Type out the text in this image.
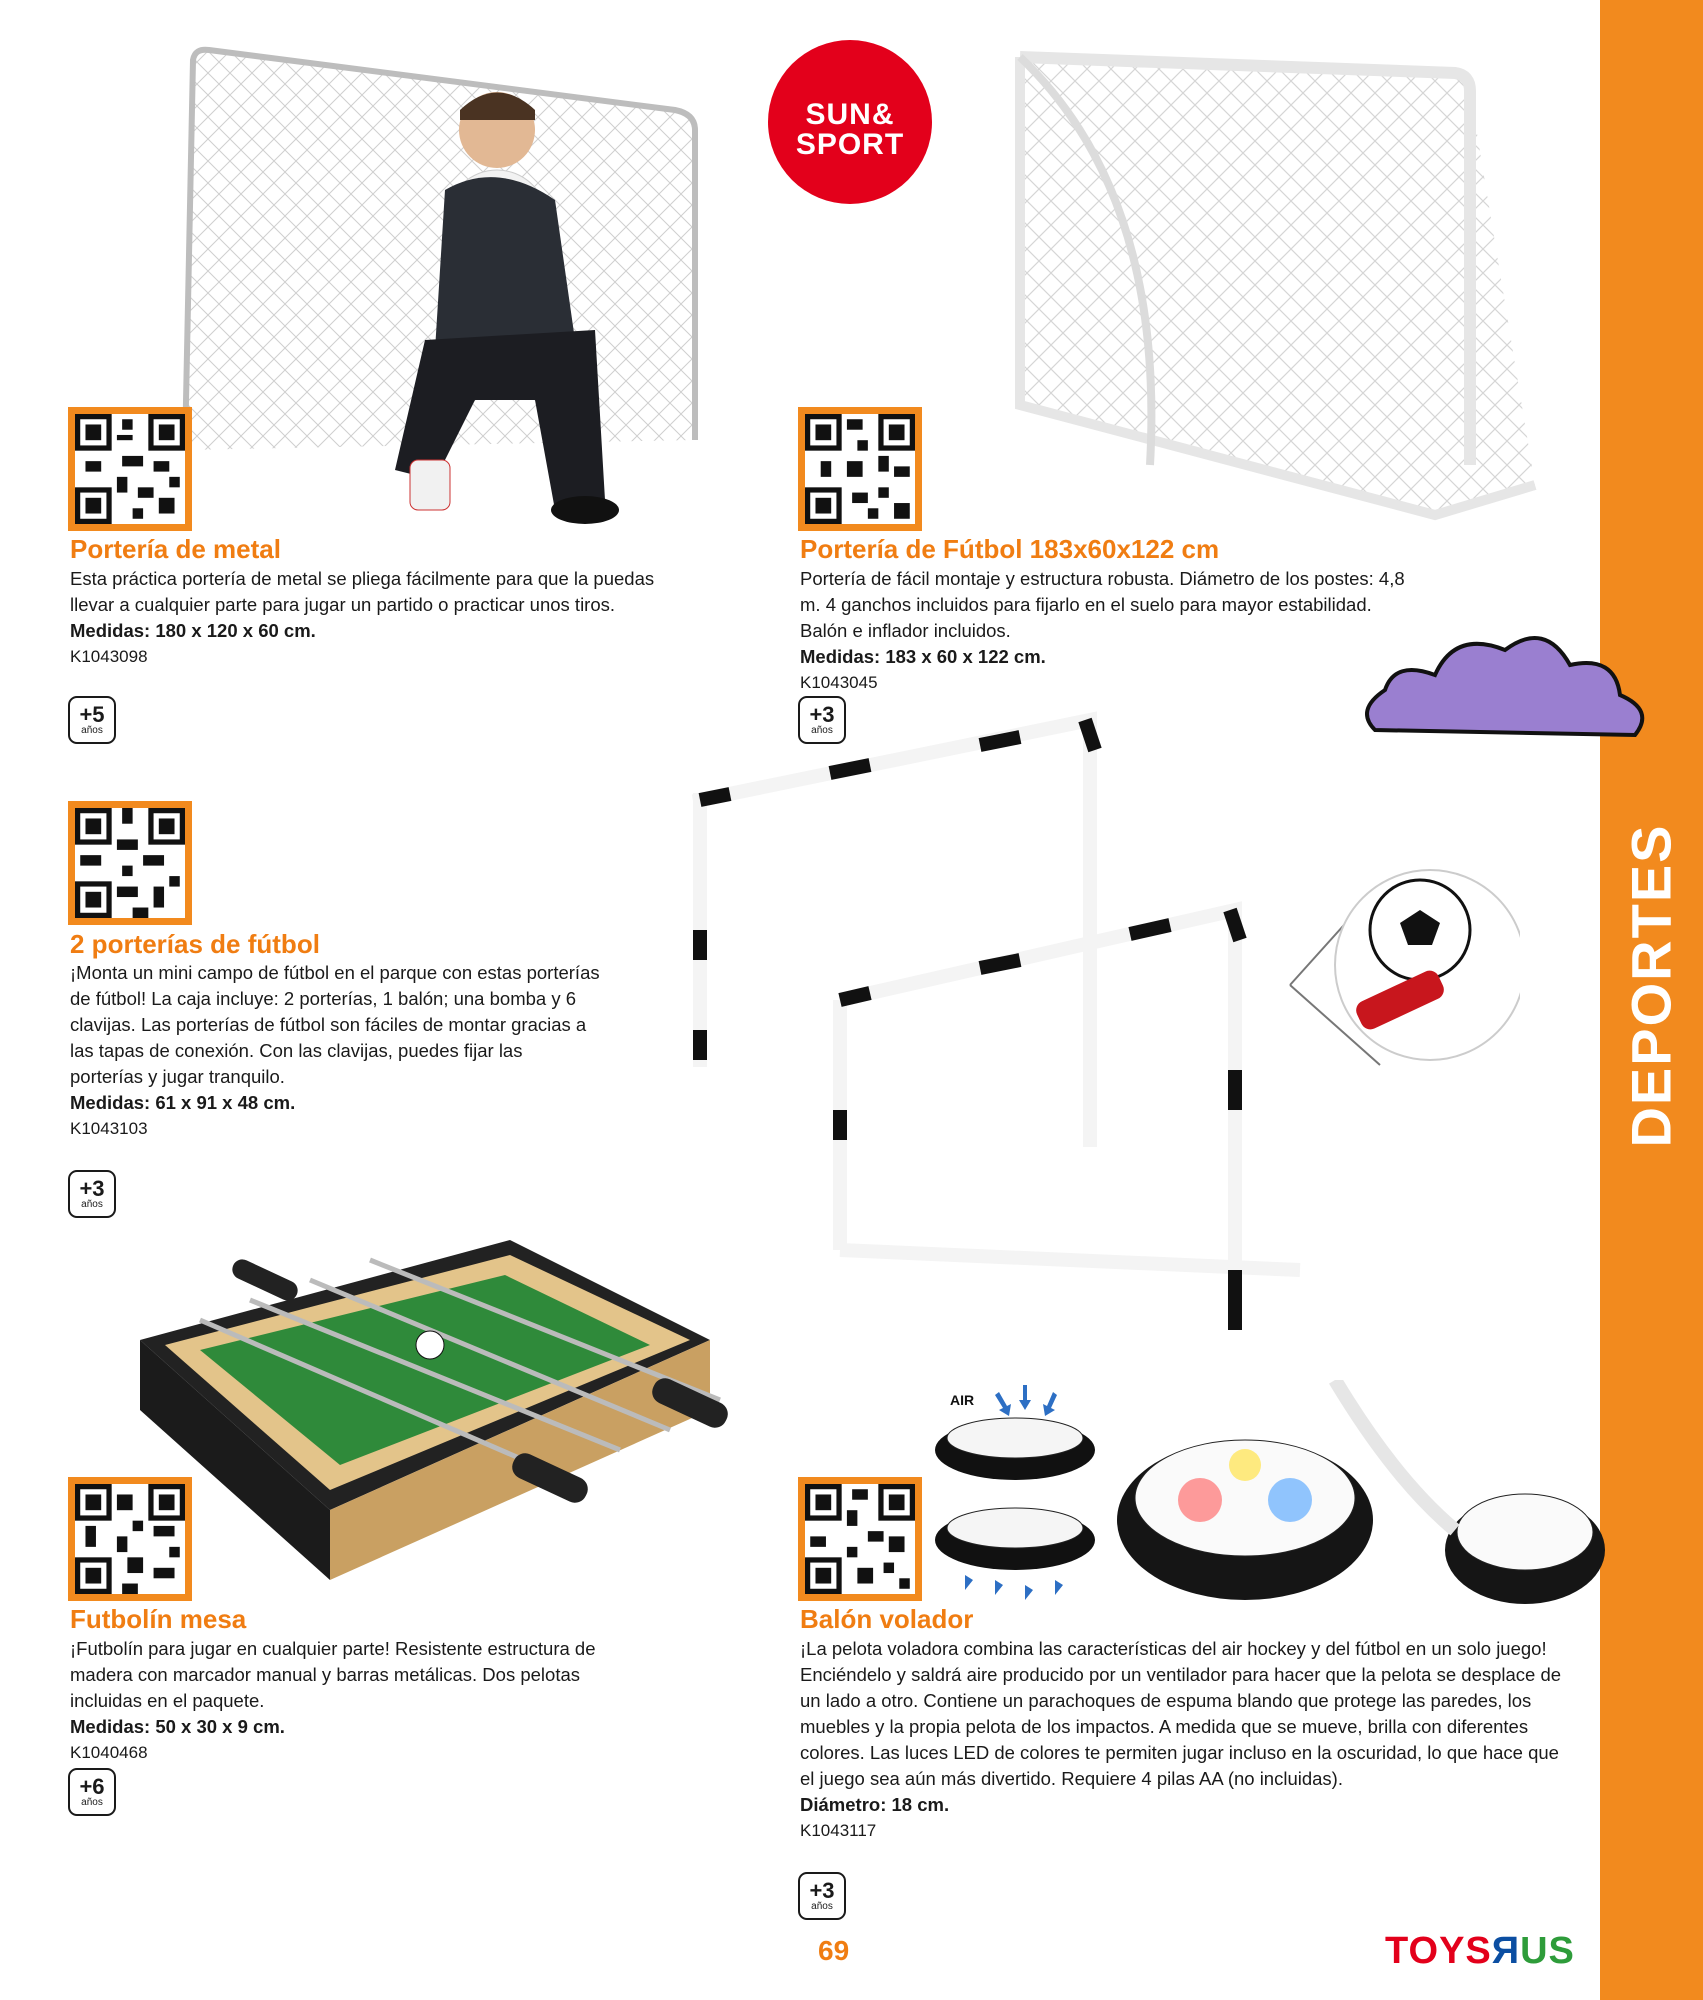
DEPORTES
SUN&
SPORT
AIR
Portería de metal
Esta práctica portería de metal se pliega fácilmente para que la puedas llevar a cualquier parte para jugar un partido o practicar unos tiros.
Medidas: 180 x 120 x 60 cm.
K1043098
+5
años
Portería de Fútbol 183x60x122 cm
Portería de fácil montaje y estructura robusta. Diámetro de los postes: 4,8 m. 4 ganchos incluidos para fijarlo en el suelo para mayor estabilidad. Balón e inflador incluidos.
Medidas: 183 x 60 x 122 cm.
K1043045
+3
años
2 porterías de fútbol
¡Monta un mini campo de fútbol en el parque con estas porterías de fútbol! La caja incluye: 2 porterías, 1 balón; una bomba y 6 clavijas. Las porterías de fútbol son fáciles de montar gracias a las tapas de conexión. Con las clavijas, puedes fijar las porterías y jugar tranquilo.
Medidas: 61 x 91 x 48 cm.
K1043103
+3
años
Futbolín mesa
¡Futbolín para jugar en cualquier parte! Resistente estructura de madera con marcador manual y barras metálicas. Dos pelotas incluidas en el paquete.
Medidas: 50 x 30 x 9 cm.
K1040468
+6
años
Balón volador
¡La pelota voladora combina las características del air hockey y del fútbol en un solo juego! Enciéndelo y saldrá aire producido por un ventilador para hacer que la pelota se desplace de un lado a otro. Contiene un parachoques de espuma blando que protege las paredes, los muebles y la propia pelota de los impactos. A medida que se mueve, brilla con diferentes colores. Las luces LED de colores te permiten jugar incluso en la oscuridad, lo que hace que el juego sea aún más divertido. Requiere 4 pilas AA (no incluidas).
Diámetro: 18 cm.
K1043117
+3
años
69	TOYSЯUS
